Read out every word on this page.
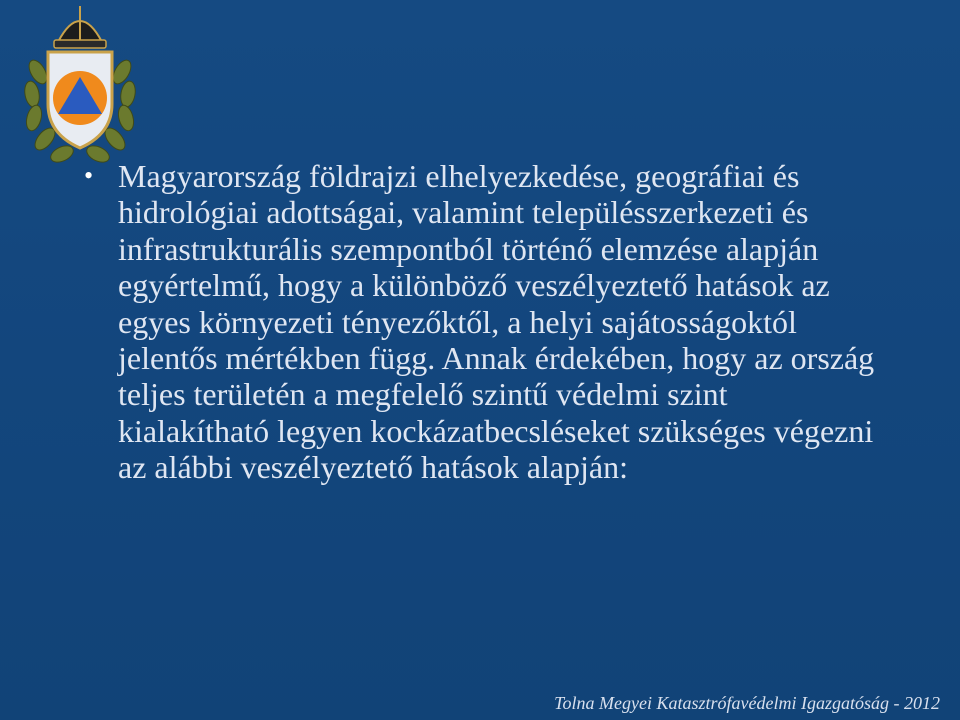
• Magyarország földrajzi elhelyezkedése, geográfiai és hidrológiai adottságai, valamint településszerkezeti és infrastrukturális szempontból történő elemzése alapján egyértelmű, hogy a különböző veszélyeztető hatások az egyes környezeti tényezőktől, a helyi sajátosságoktól jelentős mértékben függ. Annak érdekében, hogy az ország teljes területén a megfelelő szintű védelmi szint kialakítható legyen kockázatbecsléseket szükséges végezni az alábbi veszélyeztető hatások alapján:

Tolna Megyei Katasztrófavédelmi Igazgatóság - 2012
